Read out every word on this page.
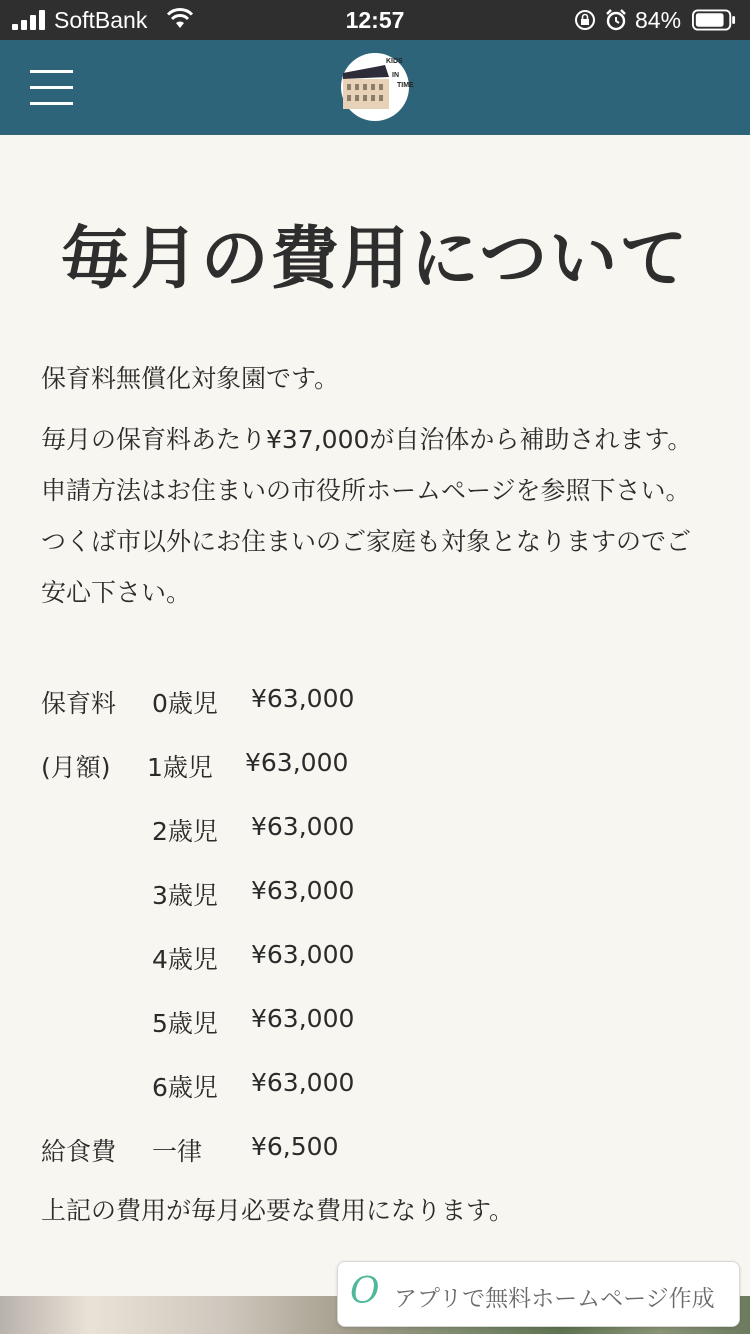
SoftBank	12:57	84%
KIDS
IN
TIME
毎月の費用について

保育料無償化対象園です。

毎月の保育料あたり¥37,000が自治体から補助されます。申請方法はお住まいの市役所ホームページを参照下さい。つくば市以外にお住まいのご家庭も対象となりますのでご安心下さい。

保育料 0歳児 ¥63,000
(月額) 1歳児 ¥63,000
2歳児 ¥63,000
3歳児 ¥63,000
4歳児 ¥63,000
5歳児 ¥63,000
6歳児 ¥63,000
給食費 一律 ¥6,500
上記の費用が毎月必要な費用になります。
O アプリで無料ホームページ作成
